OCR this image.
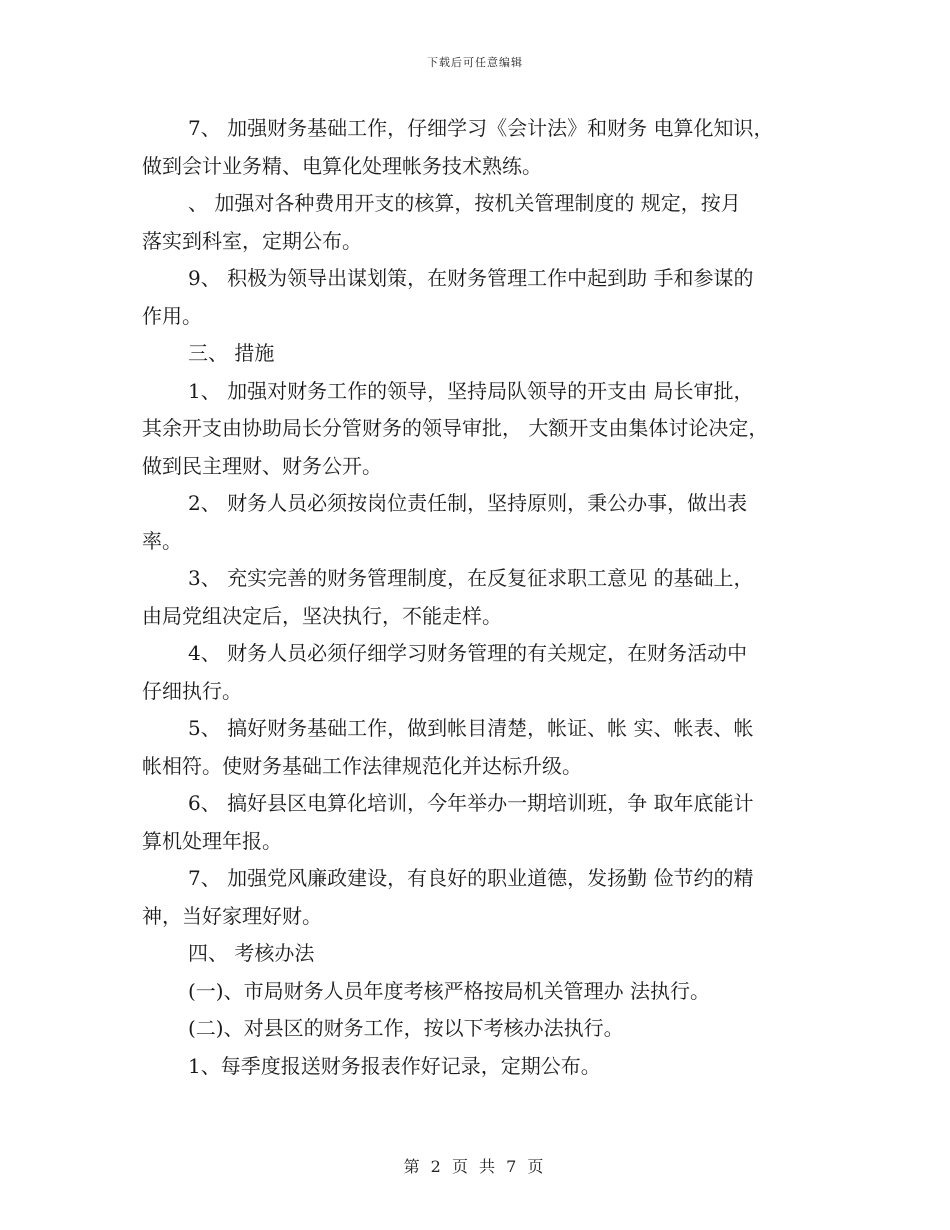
下载后可任意编辑

7、 加强财务基础工作，仔细学习《会计法》和财务 电算化知识，

做到会计业务精、电算化处理帐务技术熟练。

、 加强对各种费用开支的核算，按机关管理制度的 规定，按月

落实到科室，定期公布。

9、 积极为领导出谋划策，在财务管理工作中起到助 手和参谋的

作用。

三、 措施

1、 加强对财务工作的领导，坚持局队领导的开支由 局长审批，

其余开支由协助局长分管财务的领导审批， 大额开支由集体讨论决定，

做到民主理财、财务公开。

2、 财务人员必须按岗位责任制，坚持原则，秉公办事，做出表

率。

3、 充实完善的财务管理制度，在反复征求职工意见 的基础上，

由局党组决定后，坚决执行，不能走样。

4、 财务人员必须仔细学习财务管理的有关规定，在财务活动中

仔细执行。

5、 搞好财务基础工作，做到帐目清楚，帐证、帐 实、帐表、帐

帐相符。使财务基础工作法律规范化并达标升级。

6、 搞好县区电算化培训，今年举办一期培训班，争 取年底能计

算机处理年报。

7、 加强党风廉政建设，有良好的职业道德，发扬勤 俭节约的精

神，当好家理好财。

四、 考核办法

(一)、市局财务人员年度考核严格按局机关管理办 法执行。

(二)、对县区的财务工作，按以下考核办法执行。

1、每季度报送财务报表作好记录，定期公布。

第 2 页 共 7 页
